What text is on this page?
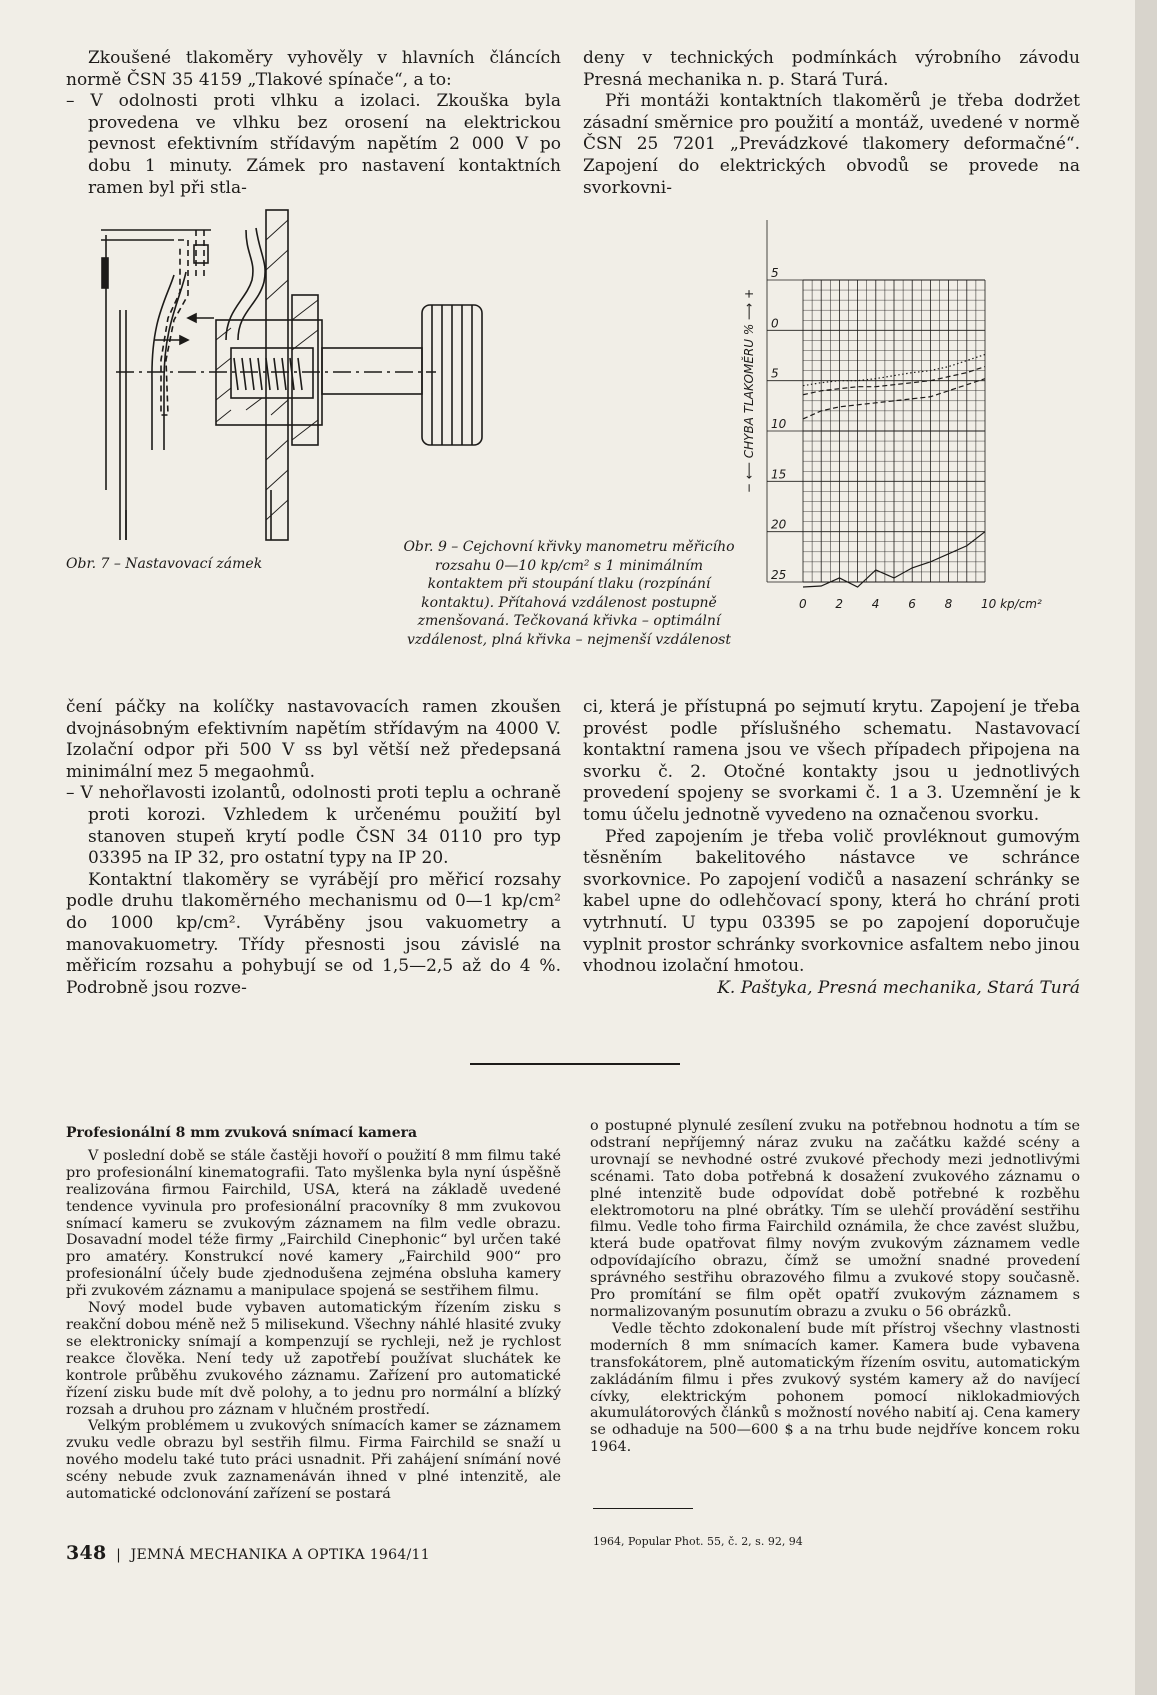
Zkoušené tlakoměry vyhověly v hlavních článcích normě ČSN 35 4159 „Tlakové spínače“, a to:

– V odolnosti proti vlhku a izolaci. Zkouška byla provedena ve vlhku bez orosení na elektrickou pevnost efektivním střídavým napětím 2 000 V po dobu 1 minuty. Zámek pro nastavení kontaktních ramen byl při stla-

deny v technických podmínkách výrobního závodu Presná mechanika n. p. Stará Turá.

Při montáži kontaktních tlakoměrů je třeba dodržet zásadní směrnice pro použití a montáž, uvedené v normě ČSN 25 7201 „Prevádzkové tlakomery deformačné“. Zapojení do elektrických obvodů se provede na svorkovni-

Obr. 7 – Nastavovací zámek
Obr. 9 – Cejchovní křivky manometru měřicího rozsahu 0—10 kp/cm² s 1 minimálním kontaktem při stoupání tlaku (rozpínání kontaktu). Přítahová vzdálenost postupně zmenšovaná. Tečkovaná křivka – optimální vzdálenost, plná křivka – nejmenší vzdálenost
5
0
5
10
15
20
25
− ⟵ CHYBA TLAKOMĚRU % ⟶ +
0 2 4 6 8 10 kp/cm²

čení páčky na kolíčky nastavovacích ramen zkoušen dvojnásobným efektivním napětím střídavým na 4000 V. Izolační odpor při 500 V ss byl větší než předepsaná minimální mez 5 megaohmů.

– V nehořlavosti izolantů, odolnosti proti teplu a ochraně proti korozi. Vzhledem k určenému použití byl stanoven stupeň krytí podle ČSN 34 0110 pro typ 03395 na IP 32, pro ostatní typy na IP 20.

Kontaktní tlakoměry se vyrábějí pro měřicí rozsahy podle druhu tlakoměrného mechanismu od 0—1 kp/cm² do 1000 kp/cm². Vyráběny jsou vakuometry a manovakuometry. Třídy přesnosti jsou závislé na měřicím rozsahu a pohybují se od 1,5—2,5 až do 4 %. Podrobně jsou rozve-

ci, která je přístupná po sejmutí krytu. Zapojení je třeba provést podle příslušného schematu. Nastavovací kontaktní ramena jsou ve všech případech připojena na svorku č. 2. Otočné kontakty jsou u jednotlivých provedení spojeny se svorkami č. 1 a 3. Uzemnění je k tomu účelu jednotně vyvedeno na označenou svorku.

Před zapojením je třeba volič provléknout gumovým těsněním bakelitového nástavce ve schránce svorkovnice. Po zapojení vodičů a nasazení schránky se kabel upne do odlehčovací spony, která ho chrání proti vytrhnutí. U typu 03395 se po zapojení doporučuje vyplnit prostor schránky svorkovnice asfaltem nebo jinou vhodnou izolační hmotou.

K. Paštyka, Presná mechanika, Stará Turá

Profesionální 8 mm zvuková snímací kamera

V poslední době se stále častěji hovoří o použití 8 mm filmu také pro profesionální kinematografii. Tato myšlenka byla nyní úspěšně realizována firmou Fairchild, USA, která na základě uvedené tendence vyvinula pro profesionální pracovníky 8 mm zvukovou snímací kameru se zvukovým záznamem na film vedle obrazu. Dosavadní model téže firmy „Fairchild Cinephonic“ byl určen také pro amatéry. Konstrukcí nové kamery „Fairchild 900“ pro profesionální účely bude zjednodušena zejména obsluha kamery při zvukovém záznamu a manipulace spojená se sestřihem filmu.

Nový model bude vybaven automatickým řízením zisku s reakční dobou méně než 5 milisekund. Všechny náhlé hlasité zvuky se elektronicky snímají a kompenzují se rychleji, než je rychlost reakce člověka. Není tedy už zapotřebí používat sluchátek ke kontrole průběhu zvukového záznamu. Zařízení pro automatické řízení zisku bude mít dvě polohy, a to jednu pro normální a blízký rozsah a druhou pro záznam v hlučném prostředí.

Velkým problémem u zvukových snímacích kamer se záznamem zvuku vedle obrazu byl sestřih filmu. Firma Fairchild se snaží u nového modelu také tuto práci usnadnit. Při zahájení snímání nové scény nebude zvuk zaznamenáván ihned v plné intenzitě, ale automatické odclonování zařízení se postará

o postupné plynulé zesílení zvuku na potřebnou hodnotu a tím se odstraní nepříjemný náraz zvuku na začátku každé scény a urovnají se nevhodné ostré zvukové přechody mezi jednotlivými scénami. Tato doba potřebná k dosažení zvukového záznamu o plné intenzitě bude odpovídat době potřebné k rozběhu elektromotoru na plné obrátky. Tím se ulehčí provádění sestřihu filmu. Vedle toho firma Fairchild oznámila, že chce zavést službu, která bude opatřovat filmy novým zvukovým záznamem vedle odpovídajícího obrazu, čímž se umožní snadné provedení správného sestřihu obrazového filmu a zvukové stopy současně. Pro promítání se film opět opatří zvukovým záznamem s normalizovaným posunutím obrazu a zvuku o 56 obrázků.

Vedle těchto zdokonalení bude mít přístroj všechny vlastnosti moderních 8 mm snímacích kamer. Kamera bude vybavena transfokátorem, plně automatickým řízením osvitu, automatickým zakládáním filmu i přes zvukový systém kamery až do navíjecí cívky, elektrickým pohonem pomocí niklokadmiových akumulátorových článků s možností nového nabití aj. Cena kamery se odhaduje na 500—600 $ a na trhu bude nejdříve koncem roku 1964.

1964, Popular Phot. 55, č. 2, s. 92, 94
348  |  JEMNÁ MECHANIKA A OPTIKA 1964/11
